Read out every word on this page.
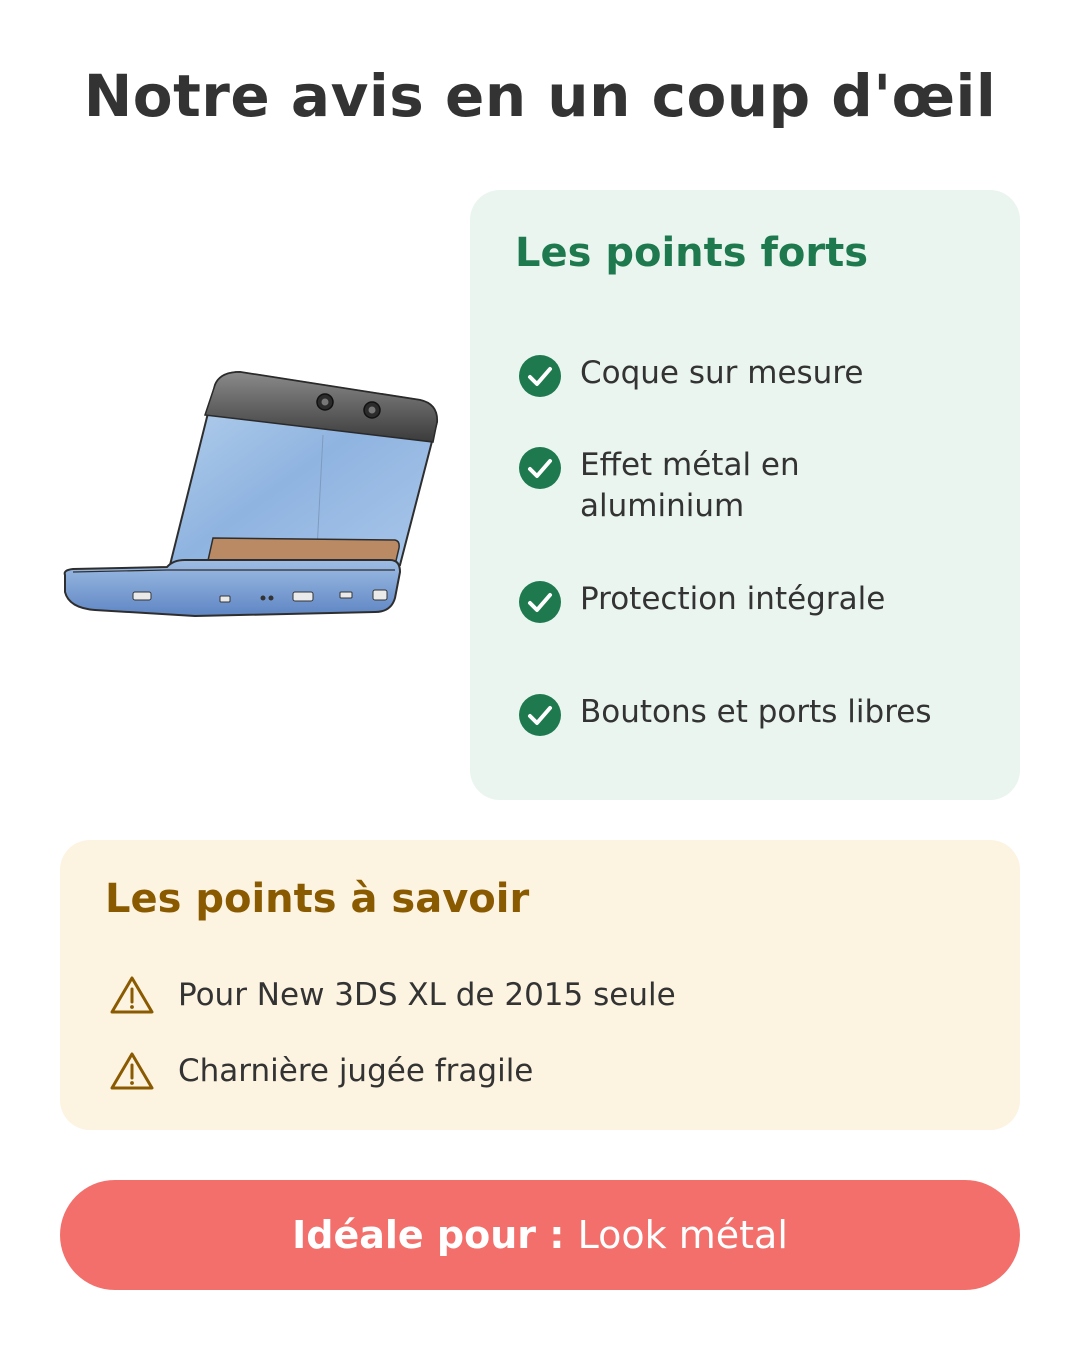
Notre avis en un coup d'œil
Les points forts
Coque sur mesure
Effet métal en aluminium
Protection intégrale
Boutons et ports libres
Les points à savoir
Pour New 3DS XL de 2015 seule
Charnière jugée fragile
Idéale pour : Look métal
